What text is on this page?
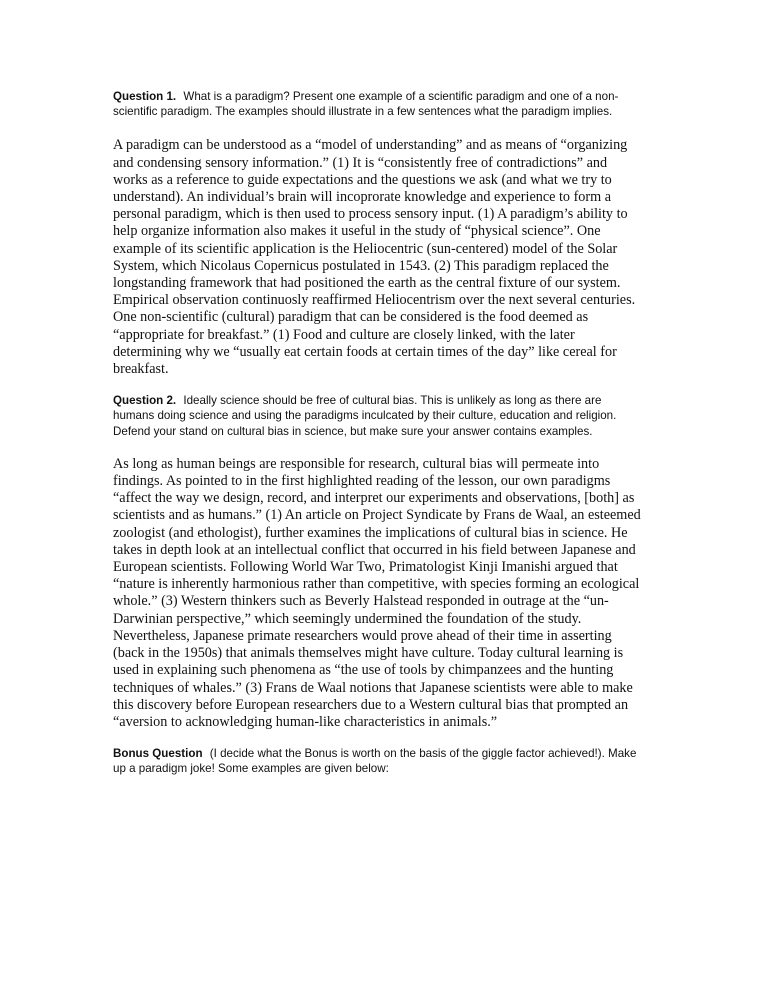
Question 1. What is a paradigm? Present one example of a scientific paradigm and one of a non-scientific paradigm. The examples should illustrate in a few sentences what the paradigm implies.

A paradigm can be understood as a “model of understanding” and as means of “organizing and condensing sensory information.” (1) It is “consistently free of contradictions” and works as a reference to guide expectations and the questions we ask (and what we try to understand). An individual’s brain will incoprorate knowledge and experience to form a personal paradigm, which is then used to process sensory input. (1) A paradigm’s ability to help organize information also makes it useful in the study of “physical science”. One example of its scientific application is the Heliocentric (sun-centered) model of the Solar System, which Nicolaus Copernicus postulated in 1543. (2) This paradigm replaced the longstanding framework that had positioned the earth as the central fixture of our system. Empirical observation continuosly reaffirmed Heliocentrism over the next several centuries. One non-scientific (cultural) paradigm that can be considered is the food deemed as “appropriate for breakfast.” (1) Food and culture are closely linked, with the later determining why we “usually eat certain foods at certain times of the day” like cereal for breakfast.

Question 2. Ideally science should be free of cultural bias. This is unlikely as long as there are humans doing science and using the paradigms inculcated by their culture, education and religion. Defend your stand on cultural bias in science, but make sure your answer contains examples.

As long as human beings are responsible for research, cultural bias will permeate into findings. As pointed to in the first highlighted reading of the lesson, our own paradigms “affect the way we design, record, and interpret our experiments and observations, [both] as scientists and as humans.” (1) An article on Project Syndicate by Frans de Waal, an esteemed zoologist (and ethologist), further examines the implications of cultural bias in science. He takes in depth look at an intellectual conflict that occurred in his field between Japanese and European scientists. Following World War Two, Primatologist Kinji Imanishi argued that “nature is inherently harmonious rather than competitive, with species forming an ecological whole.” (3) Western thinkers such as Beverly Halstead responded in outrage at the “un-Darwinian perspective,” which seemingly undermined the foundation of the study. Nevertheless, Japanese primate researchers would prove ahead of their time in asserting (back in the 1950s) that animals themselves might have culture. Today cultural learning is used in explaining such phenomena as “the use of tools by chimpanzees and the hunting techniques of whales.” (3) Frans de Waal notions that Japanese scientists were able to make this discovery before European researchers due to a Western cultural bias that prompted an “aversion to acknowledging human-like characteristics in animals.”

Bonus Question (I decide what the Bonus is worth on the basis of the giggle factor achieved!). Make up a paradigm joke! Some examples are given below:
